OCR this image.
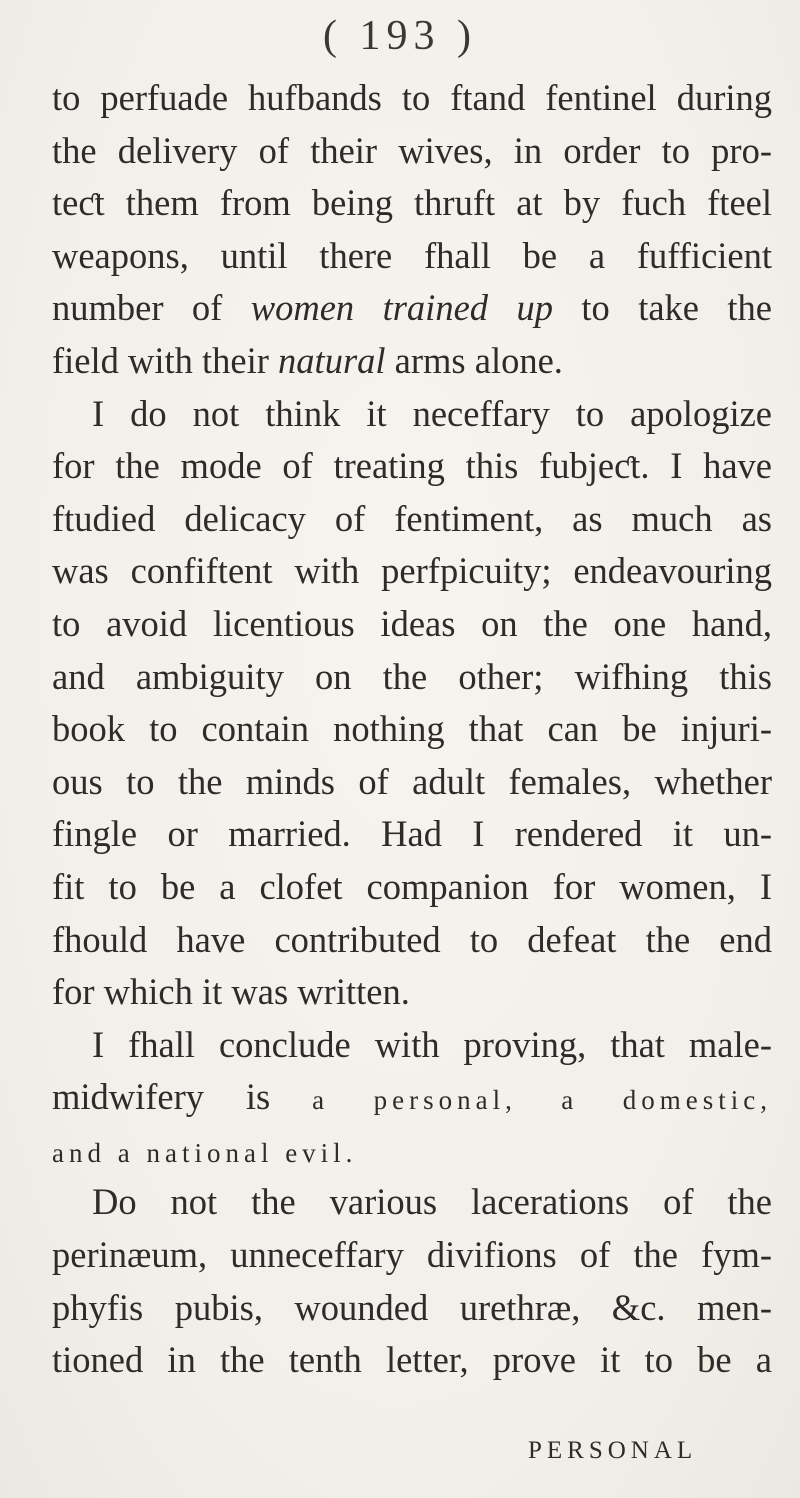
( 193 )
to perfuade hufbands to ftand fentinel during
the delivery of their wives, in order to pro-
teƈt them from being thruft at by fuch fteel
weapons, until there fhall be a fufficient
number of women trained up to take the
field with their natural arms alone.
I do not think it neceffary to apologize
for the mode of treating this fubjeƈt. I have
ftudied delicacy of fentiment, as much as
was confiftent with perfpicuity; endeavouring
to avoid licentious ideas on the one hand,
and ambiguity on the other; wifhing this
book to contain nothing that can be injuri-
ous to the minds of adult females, whether
fingle or married. Had I rendered it un-
fit to be a clofet companion for women, I
fhould have contributed to defeat the end
for which it was written.
I fhall conclude with proving, that male-
midwifery is a personal, a domestic,
and a national evil.
Do not the various lacerations of the
perinæum, unneceffary divifions of the fym-
phyfis pubis, wounded urethræ, &c. men-
tioned in the tenth letter, prove it to be a
PERSONAL
